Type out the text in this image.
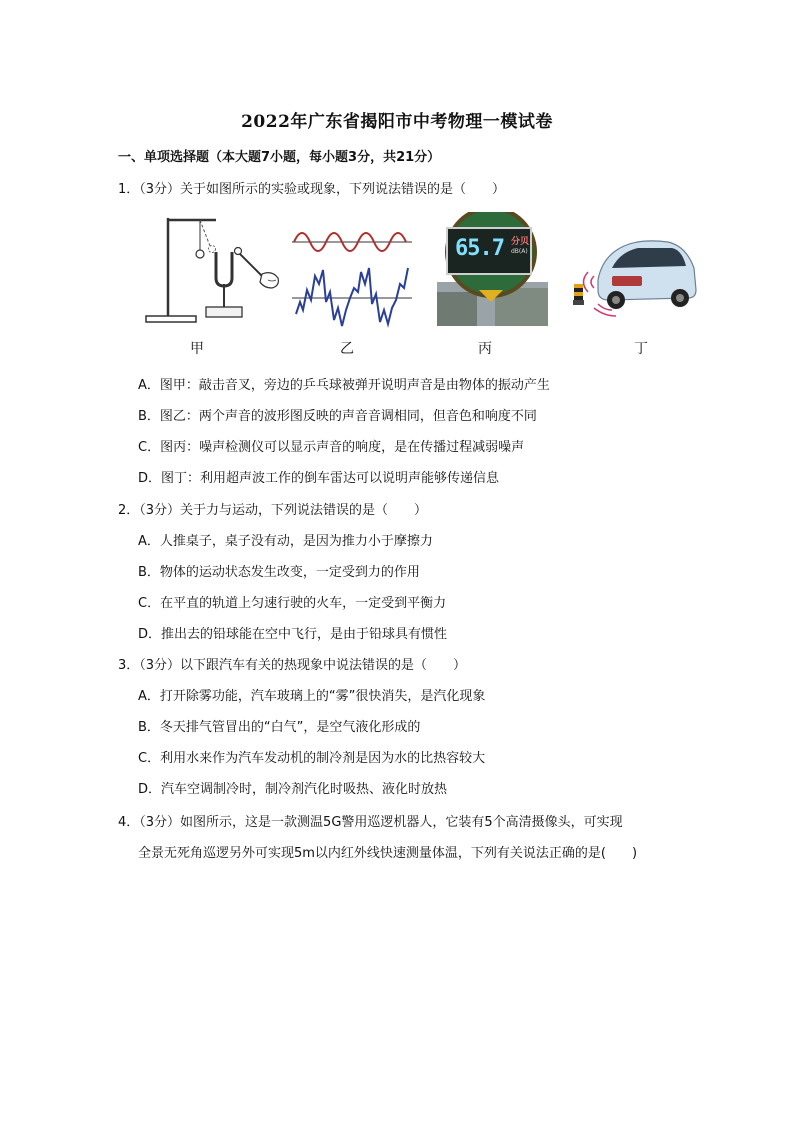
2022年广东省揭阳市中考物理一模试卷
一、单项选择题（本大题7小题，每小题3分，共21分）
1．（3分）关于如图所示的实验或现象，下列说法错误的是（　　）
65.7 分贝
dB(A)
甲	乙	丙	丁
A．图甲：敲击音叉，旁边的乒乓球被弹开说明声音是由物体的振动产生
B．图乙：两个声音的波形图反映的声音音调相同，但音色和响度不同
C．图丙：噪声检测仪可以显示声音的响度，是在传播过程减弱噪声
D．图丁：利用超声波工作的倒车雷达可以说明声能够传递信息
2．（3分）关于力与运动，下列说法错误的是（　　）
A．人推桌子，桌子没有动，是因为推力小于摩擦力
B．物体的运动状态发生改变，一定受到力的作用
C．在平直的轨道上匀速行驶的火车，一定受到平衡力
D．推出去的铅球能在空中飞行，是由于铅球具有惯性
3．（3分）以下跟汽车有关的热现象中说法错误的是（　　）
A．打开除雾功能，汽车玻璃上的“雾”很快消失，是汽化现象
B．冬天排气管冒出的“白气”，是空气液化形成的
C．利用水来作为汽车发动机的制冷剂是因为水的比热容较大
D．汽车空调制冷时，制冷剂汽化时吸热、液化时放热
4．（3分）如图所示，这是一款测温5G警用巡逻机器人，它装有5个高清摄像头，可实现
全景无死角巡逻另外可实现5m以内红外线快速测量体温，下列有关说法正确的是(　　)
